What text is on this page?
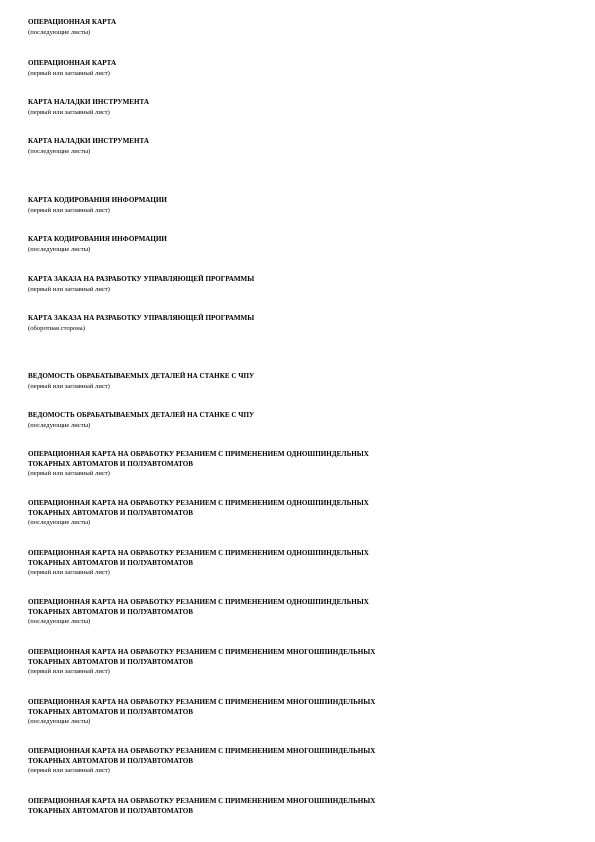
ОПЕРАЦИОННАЯ КАРТА
(последующие листы)
ОПЕРАЦИОННАЯ КАРТА
(первый или заглавный лист)
КАРТА НАЛАДКИ ИНСТРУМЕНТА
(первый или заглавный лист)
КАРТА НАЛАДКИ ИНСТРУМЕНТА
(последующие листы)
КАРТА КОДИРОВАНИЯ ИНФОРМАЦИИ
(первый или заглавный лист)
КАРТА КОДИРОВАНИЯ ИНФОРМАЦИИ
(последующие листы)
КАРТА ЗАКАЗА НА РАЗРАБОТКУ УПРАВЛЯЮЩЕЙ ПРОГРАММЫ
(первый или заглавный лист)
КАРТА ЗАКАЗА НА РАЗРАБОТКУ УПРАВЛЯЮЩЕЙ ПРОГРАММЫ
(оборотная сторона)
ВЕДОМОСТЬ ОБРАБАТЫВАЕМЫХ ДЕТАЛЕЙ НА СТАНКЕ С ЧПУ
(первый или заглавный лист)
ВЕДОМОСТЬ ОБРАБАТЫВАЕМЫХ ДЕТАЛЕЙ НА СТАНКЕ С ЧПУ
(последующие листы)
ОПЕРАЦИОННАЯ КАРТА НА ОБРАБОТКУ РЕЗАНИЕМ С ПРИМЕНЕНИЕМ ОДНОШПИНДЕЛЬНЫХ
ТОКАРНЫХ АВТОМАТОВ И ПОЛУАВТОМАТОВ
(первый или заглавный лист)
ОПЕРАЦИОННАЯ КАРТА НА ОБРАБОТКУ РЕЗАНИЕМ С ПРИМЕНЕНИЕМ ОДНОШПИНДЕЛЬНЫХ
ТОКАРНЫХ АВТОМАТОВ И ПОЛУАВТОМАТОВ
(последующие листы)
ОПЕРАЦИОННАЯ КАРТА НА ОБРАБОТКУ РЕЗАНИЕМ С ПРИМЕНЕНИЕМ ОДНОШПИНДЕЛЬНЫХ
ТОКАРНЫХ АВТОМАТОВ И ПОЛУАВТОМАТОВ
(первый или заглавный лист)
ОПЕРАЦИОННАЯ КАРТА НА ОБРАБОТКУ РЕЗАНИЕМ С ПРИМЕНЕНИЕМ ОДНОШПИНДЕЛЬНЫХ
ТОКАРНЫХ АВТОМАТОВ И ПОЛУАВТОМАТОВ
(последующие листы)
ОПЕРАЦИОННАЯ КАРТА НА ОБРАБОТКУ РЕЗАНИЕМ С ПРИМЕНЕНИЕМ МНОГОШПИНДЕЛЬНЫХ
ТОКАРНЫХ АВТОМАТОВ И ПОЛУАВТОМАТОВ
(первый или заглавный лист)
ОПЕРАЦИОННАЯ КАРТА НА ОБРАБОТКУ РЕЗАНИЕМ С ПРИМЕНЕНИЕМ МНОГОШПИНДЕЛЬНЫХ
ТОКАРНЫХ АВТОМАТОВ И ПОЛУАВТОМАТОВ
(последующие листы)
ОПЕРАЦИОННАЯ КАРТА НА ОБРАБОТКУ РЕЗАНИЕМ С ПРИМЕНЕНИЕМ МНОГОШПИНДЕЛЬНЫХ
ТОКАРНЫХ АВТОМАТОВ И ПОЛУАВТОМАТОВ
(первый или заглавный лист)
ОПЕРАЦИОННАЯ КАРТА НА ОБРАБОТКУ РЕЗАНИЕМ С ПРИМЕНЕНИЕМ МНОГОШПИНДЕЛЬНЫХ
ТОКАРНЫХ АВТОМАТОВ И ПОЛУАВТОМАТОВ
